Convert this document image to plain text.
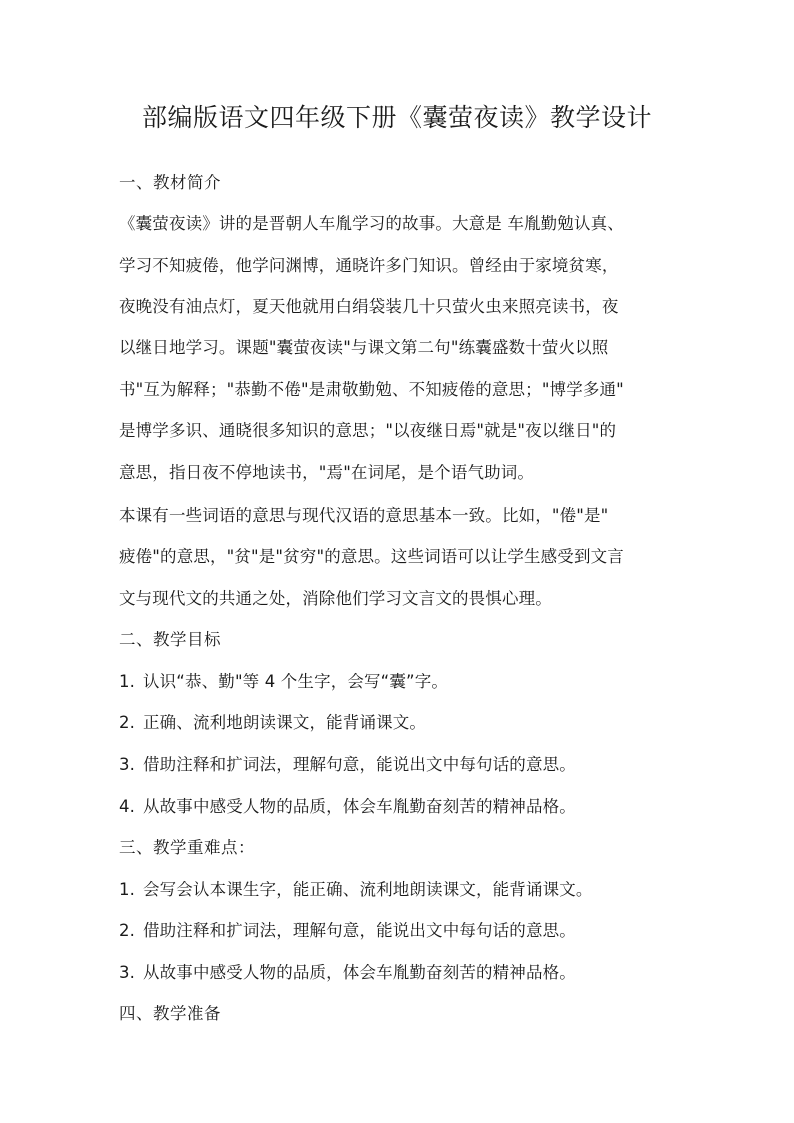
部编版语文四年级下册《囊萤夜读》教学设计
一、教材简介
《囊萤夜读》讲的是晋朝人车胤学习的故事。大意是 车胤勤勉认真、
学习不知疲倦，他学问渊博，通晓许多门知识。曾经由于家境贫寒，
夜晚没有油点灯，夏天他就用白绢袋装几十只萤火虫来照亮读书，夜
以继日地学习。课题"囊萤夜读"与课文第二句"练囊盛数十萤火以照
书"互为解释；"恭勤不倦"是肃敬勤勉、不知疲倦的意思；"博学多通"
是博学多识、通晓很多知识的意思；"以夜继日焉"就是"夜以继日"的
意思，指日夜不停地读书，"焉"在词尾，是个语气助词。
本课有一些词语的意思与现代汉语的意思基本一致。比如，"倦"是"
疲倦"的意思，"贫"是"贫穷"的意思。这些词语可以让学生感受到文言
文与现代文的共通之处，消除他们学习文言文的畏惧心理。
二、教学目标
1. 认识“恭、勤"等 4 个生字，会写“囊”字。
2. 正确、流利地朗读课文，能背诵课文。
3. 借助注释和扩词法，理解句意，能说出文中每句话的意思。
4. 从故事中感受人物的品质，体会车胤勤奋刻苦的精神品格。
三、教学重难点：
1. 会写会认本课生字，能正确、流利地朗读课文，能背诵课文。
2. 借助注释和扩词法，理解句意，能说出文中每句话的意思。
3. 从故事中感受人物的品质，体会车胤勤奋刻苦的精神品格。
四、教学准备
